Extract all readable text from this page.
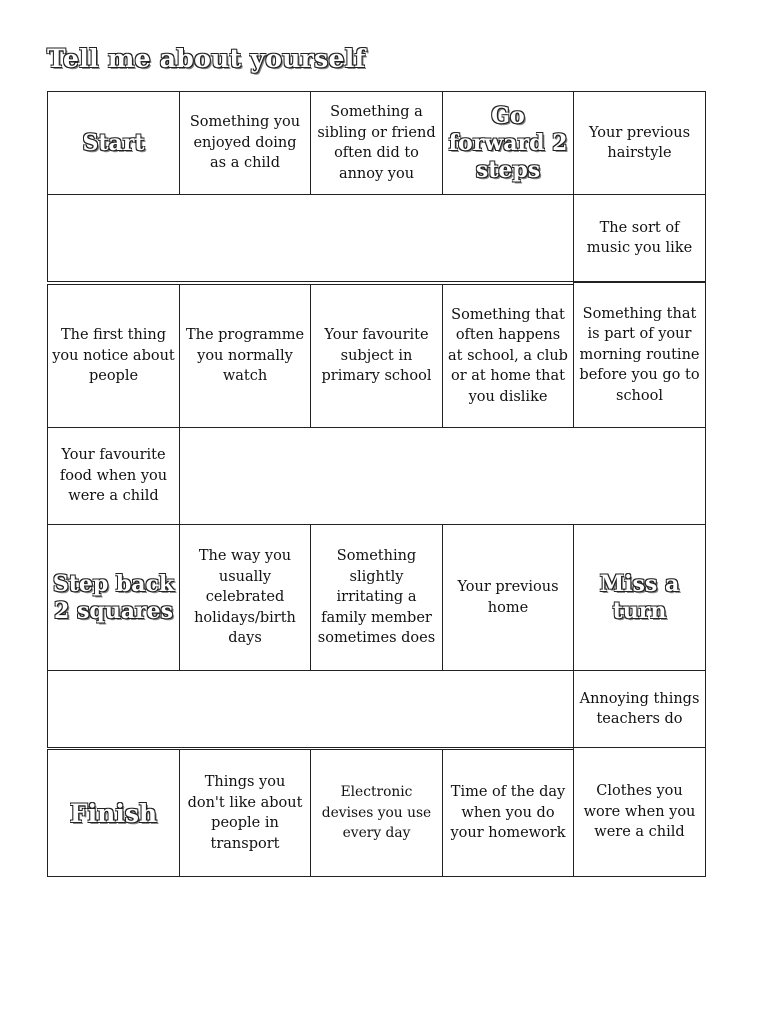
Tell me about yourself
Start
Something you enjoyed doing as a child
Something a sibling or friend often did to annoy you
Go forward 2 steps
Your previous hairstyle
The sort of music you like
The first thing you notice about people
The programme you normally watch
Your favourite subject in primary school
Something that often happens at school, a club or at home that you dislike
Something that is part of your morning routine before you go to school
Your favourite food when you were a child
Step back 2 squares
The way you usually celebrated holidays/birth days
Something slightly irritating a family member sometimes does
Your previous home
Miss a turn
Annoying things teachers do
Finish
Things you don't like about people in transport
Electronic devises you use every day
Time of the day when you do your homework
Clothes you wore when you were a child
